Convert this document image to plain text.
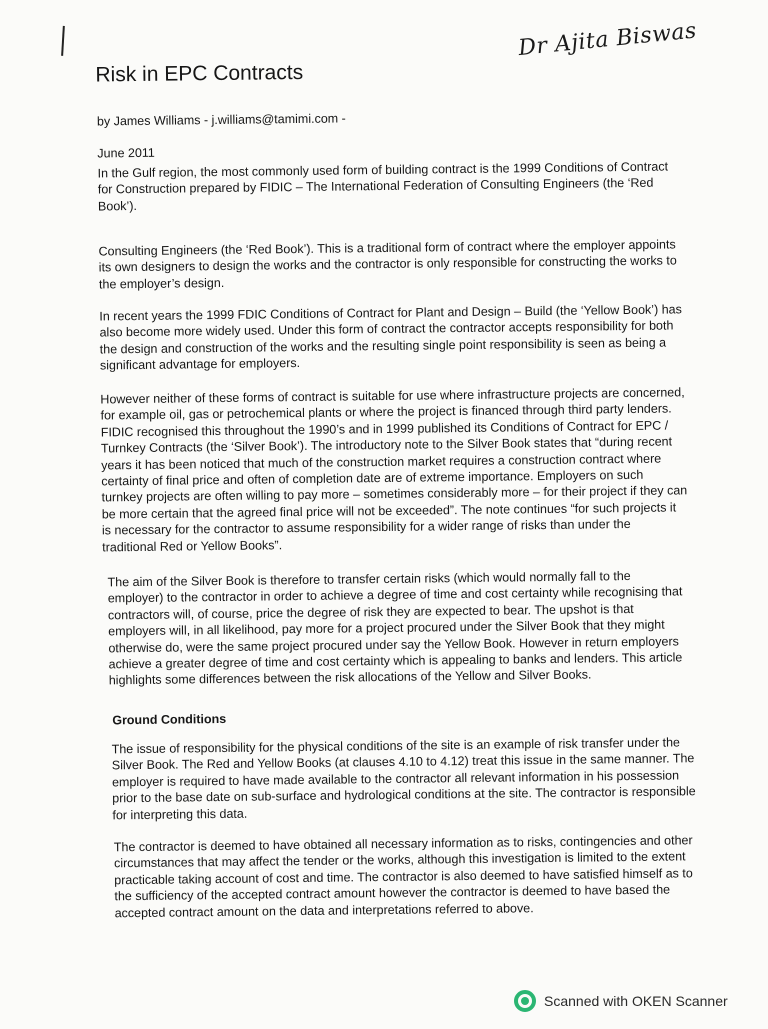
Dr Ajita Biswas
Risk in EPC Contracts
by James Williams - j.williams@tamimi.com -
June 2011

In the Gulf region, the most commonly used form of building contract is the 1999 Conditions of Contract for Construction prepared by FIDIC – The International Federation of Consulting Engineers (the ‘Red Book’).

Consulting Engineers (the ‘Red Book’). This is a traditional form of contract where the employer appoints its own designers to design the works and the contractor is only responsible for constructing the works to the employer’s design.

In recent years the 1999 FDIC Conditions of Contract for Plant and Design – Build (the ‘Yellow Book’) has also become more widely used. Under this form of contract the contractor accepts responsibility for both the design and construction of the works and the resulting single point responsibility is seen as being a significant advantage for employers.

However neither of these forms of contract is suitable for use where infrastructure projects are concerned, for example oil, gas or petrochemical plants or where the project is financed through third party lenders. FIDIC recognised this throughout the 1990’s and in 1999 published its Conditions of Contract for EPC / Turnkey Contracts (the ‘Silver Book’). The introductory note to the Silver Book states that “during recent years it has been noticed that much of the construction market requires a construction contract where certainty of final price and often of completion date are of extreme importance. Employers on such turnkey projects are often willing to pay more – sometimes considerably more – for their project if they can be more certain that the agreed final price will not be exceeded”. The note continues “for such projects it is necessary for the contractor to assume responsibility for a wider range of risks than under the traditional Red or Yellow Books”.

The aim of the Silver Book is therefore to transfer certain risks (which would normally fall to the employer) to the contractor in order to achieve a degree of time and cost certainty while recognising that contractors will, of course, price the degree of risk they are expected to bear. The upshot is that employers will, in all likelihood, pay more for a project procured under the Silver Book that they might otherwise do, were the same project procured under say the Yellow Book. However in return employers achieve a greater degree of time and cost certainty which is appealing to banks and lenders. This article highlights some differences between the risk allocations of the Yellow and Silver Books.

Ground Conditions

The issue of responsibility for the physical conditions of the site is an example of risk transfer under the Silver Book. The Red and Yellow Books (at clauses 4.10 to 4.12) treat this issue in the same manner. The employer is required to have made available to the contractor all relevant information in his possession prior to the base date on sub-surface and hydrological conditions at the site. The contractor is responsible for interpreting this data.

The contractor is deemed to have obtained all necessary information as to risks, contingencies and other circumstances that may affect the tender or the works, although this investigation is limited to the extent practicable taking account of cost and time. The contractor is also deemed to have satisfied himself as to the sufficiency of the accepted contract amount however the contractor is deemed to have based the accepted contract amount on the data and interpretations referred to above.

Scanned with OKEN Scanner
